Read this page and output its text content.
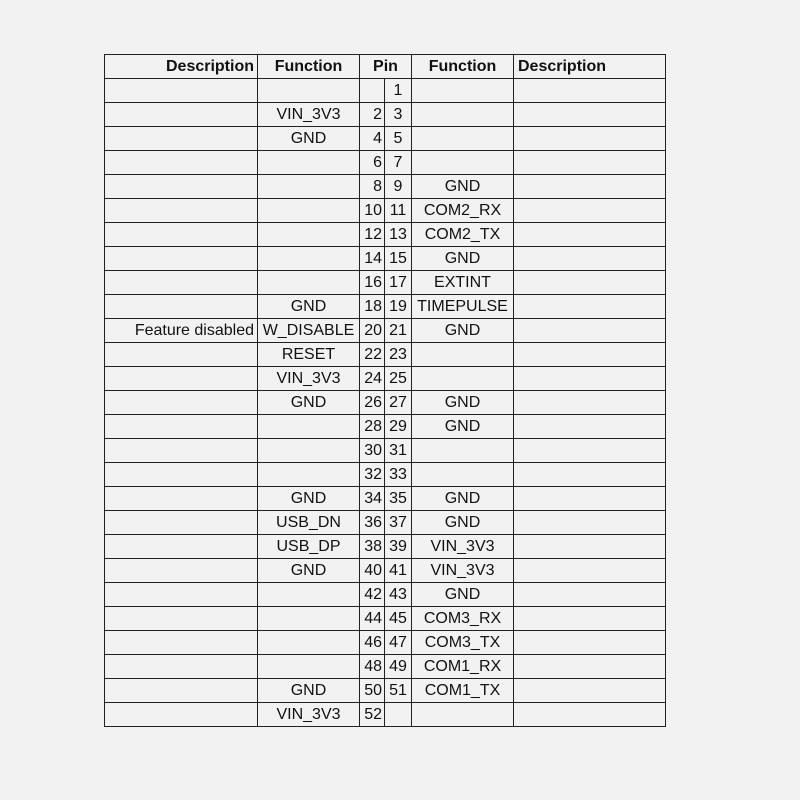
Description	Function	Pin		Function	Description
			1		
	VIN_3V3	2	3		
	GND	4	5		
		6	7		
		8	9	GND	
		10	11	COM2_RX	
		12	13	COM2_TX	
		14	15	GND	
		16	17	EXTINT	
	GND	18	19	TIMEPULSE	
Feature disabled	W_DISABLE	20	21	GND	
	RESET	22	23		
	VIN_3V3	24	25		
	GND	26	27	GND	
		28	29	GND	
		30	31		
		32	33		
	GND	34	35	GND	
	USB_DN	36	37	GND	
	USB_DP	38	39	VIN_3V3	
	GND	40	41	VIN_3V3	
		42	43	GND	
		44	45	COM3_RX	
		46	47	COM3_TX	
		48	49	COM1_RX	
	GND	50	51	COM1_TX	
	VIN_3V3	52			
